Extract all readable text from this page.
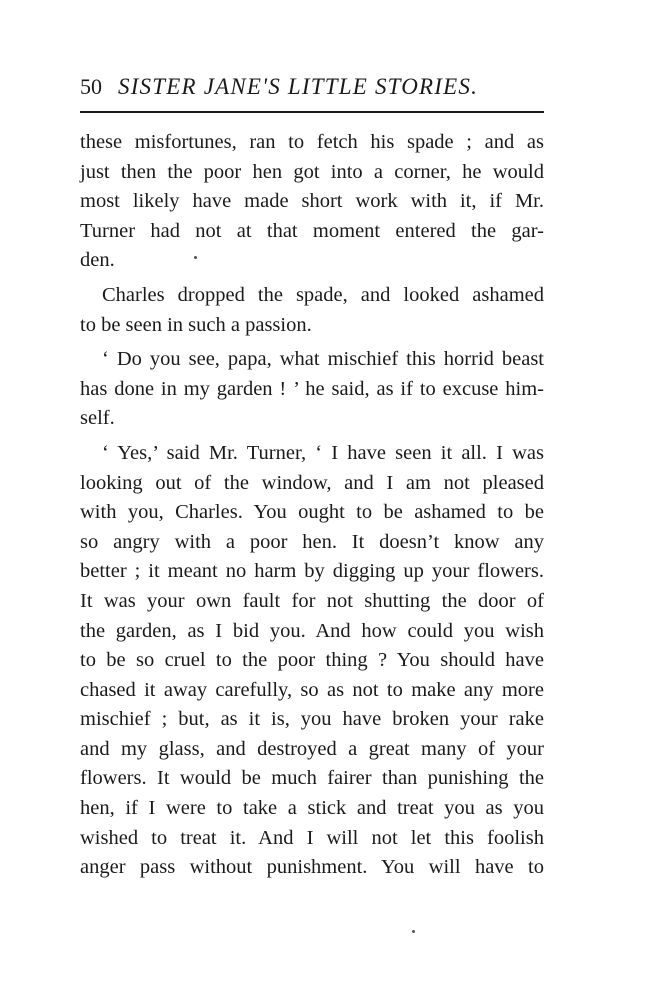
50 SISTER JANE'S LITTLE STORIES.
these misfortunes, ran to fetch his spade ; and as
just then the poor hen got into a corner, he would
most likely have made short work with it, if Mr.
Turner had not at that moment entered the gar-
den.
Charles dropped the spade, and looked ashamed
to be seen in such a passion.
‘ Do you see, papa, what mischief this horrid beast
has done in my garden ! ’ he said, as if to excuse him-
self.
‘ Yes,’ said Mr. Turner, ‘ I have seen it all. I was
looking out of the window, and I am not pleased
with you, Charles. You ought to be ashamed to be
so angry with a poor hen. It doesn’t know any
better ; it meant no harm by digging up your flowers.
It was your own fault for not shutting the door of
the garden, as I bid you. And how could you wish
to be so cruel to the poor thing ? You should have
chased it away carefully, so as not to make any more
mischief ; but, as it is, you have broken your rake
and my glass, and destroyed a great many of your
flowers. It would be much fairer than punishing the
hen, if I were to take a stick and treat you as you
wished to treat it. And I will not let this foolish
anger pass without punishment. You will have to
